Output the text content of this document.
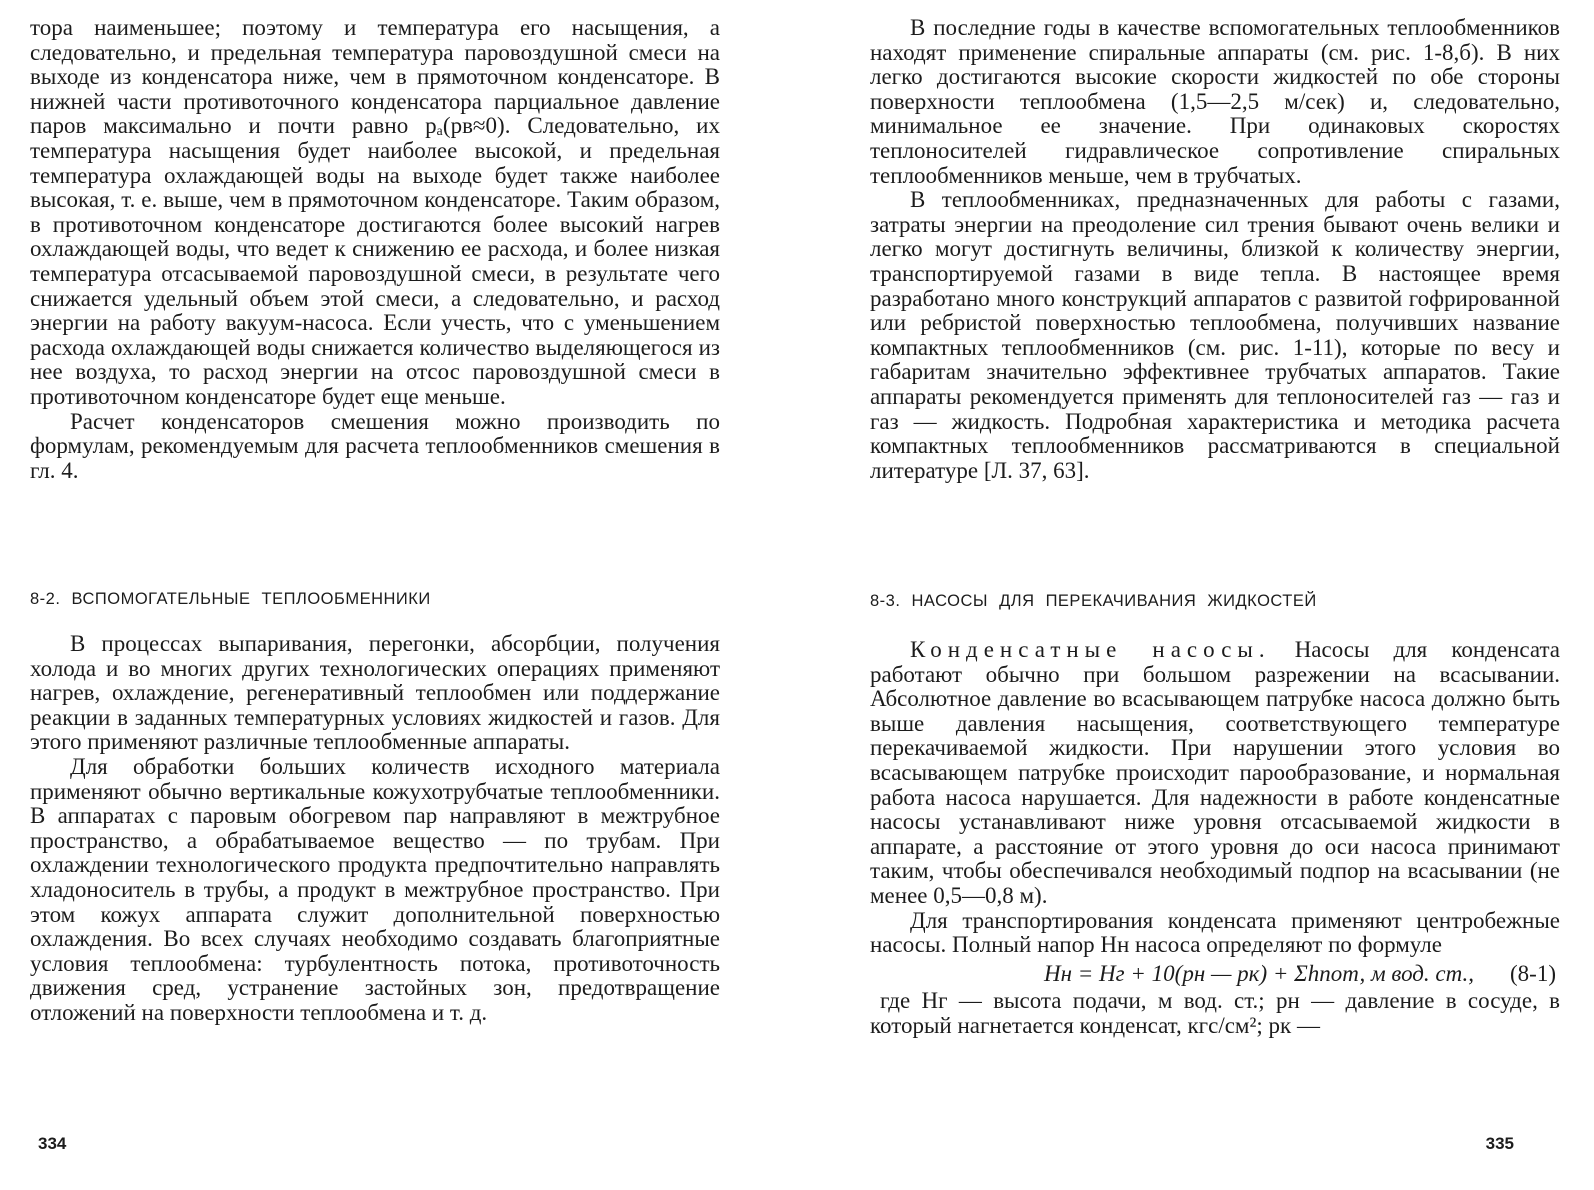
тора наименьшее; поэтому и температура его насыщения, а следовательно, и предельная температура паровоздушной смеси на выходе из конденсатора ниже, чем в прямоточном конденсаторе. В нижней части противоточного конденсатора парциальное давление паров максимально и почти равно pₐ(pв≈0). Следовательно, их температура насыщения будет наиболее высокой, и предельная температура охлаждающей воды на выходе будет также наиболее высокая, т. е. выше, чем в прямоточном конденсаторе. Таким образом, в противоточном конденсаторе достигаются более высокий нагрев охлаждающей воды, что ведет к снижению ее расхода, и более низкая температура отсасываемой паровоздушной смеси, в результате чего снижается удельный объем этой смеси, а следовательно, и расход энергии на работу вакуум-насоса. Если учесть, что с уменьшением расхода охлаждающей воды снижается количество выделяющегося из нее воздуха, то расход энергии на отсос паровоздушной смеси в противоточном конденсаторе будет еще меньше.

Расчет конденсаторов смешения можно производить по формулам, рекомендуемым для расчета теплообменников смешения в гл. 4.

8-2. ВСПОМОГАТЕЛЬНЫЕ ТЕПЛООБМЕННИКИ

В процессах выпаривания, перегонки, абсорбции, получения холода и во многих других технологических операциях применяют нагрев, охлаждение, регенеративный теплообмен или поддержание реакции в заданных температурных условиях жидкостей и газов. Для этого применяют различные теплообменные аппараты.

Для обработки больших количеств исходного материала применяют обычно вертикальные кожухотрубчатые теплообменники. В аппаратах с паровым обогревом пар направляют в межтрубное пространство, а обрабатываемое вещество — по трубам. При охлаждении технологического продукта предпочтительно направлять хладоноситель в трубы, а продукт в межтрубное пространство. При этом кожух аппарата служит дополнительной поверхностью охлаждения. Во всех случаях необходимо создавать благоприятные условия теплообмена: турбулентность потока, противоточность движения сред, устранение застойных зон, предотвращение отложений на поверхности теплообмена и т. д.

334

В последние годы в качестве вспомогательных теплообменников находят применение спиральные аппараты (см. рис. 1-8,б). В них легко достигаются высокие скорости жидкостей по обе стороны поверхности теплообмена (1,5—2,5 м/сек) и, следовательно, минимальное ее значение. При одинаковых скоростях теплоносителей гидравлическое сопротивление спиральных теплообменников меньше, чем в трубчатых.

В теплообменниках, предназначенных для работы с газами, затраты энергии на преодоление сил трения бывают очень велики и легко могут достигнуть величины, близкой к количеству энергии, транспортируемой газами в виде тепла. В настоящее время разработано много конструкций аппаратов с развитой гофрированной или ребристой поверхностью теплообмена, получивших название компактных теплообменников (см. рис. 1-11), которые по весу и габаритам значительно эффективнее трубчатых аппаратов. Такие аппараты рекомендуется применять для теплоносителей газ — газ и газ — жидкость. Подробная характеристика и методика расчета компактных теплообменников рассматриваются в специальной литературе [Л. 37, 63].

8-3. НАСОСЫ ДЛЯ ПЕРЕКАЧИВАНИЯ ЖИДКОСТЕЙ

Конденсатные насосы. Насосы для конденсата работают обычно при большом разрежении на всасывании. Абсолютное давление во всасывающем патрубке насоса должно быть выше давления насыщения, соответствующего температуре перекачиваемой жидкости. При нарушении этого условия во всасывающем патрубке происходит парообразование, и нормальная работа насоса нарушается. Для надежности в работе конденсатные насосы устанавливают ниже уровня отсасываемой жидкости в аппарате, а расстояние от этого уровня до оси насоса принимают таким, чтобы обеспечивался необходимый подпор на всасывании (не менее 0,5—0,8 м).

Для транспортирования конденсата применяют центробежные насосы. Полный напор Hн насоса определяют по формуле

Hн = Hг + 10(pн — pк) + Σhпот, м вод. ст., (8-1)

где Hг — высота подачи, м вод. ст.; pн — давление в сосуде, в который нагнетается конденсат, кгс/см²; pк —

335
